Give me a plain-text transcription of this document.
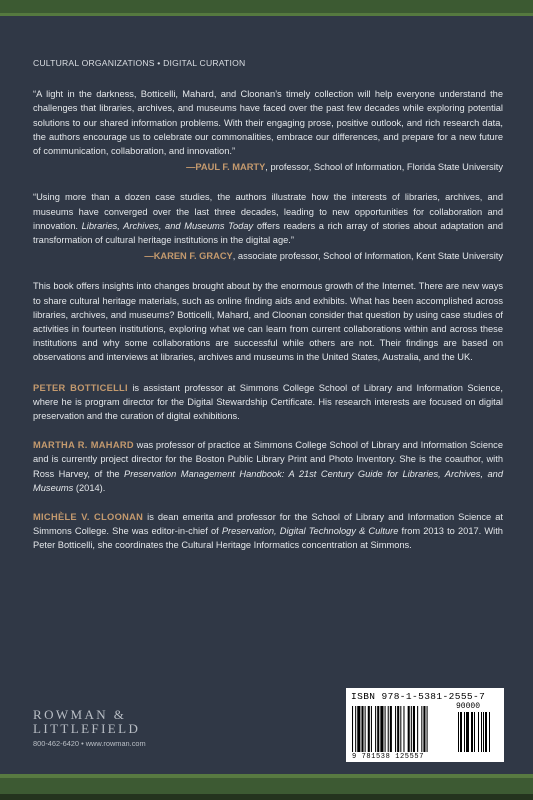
CULTURAL ORGANIZATIONS • DIGITAL CURATION

“A light in the darkness, Botticelli, Mahard, and Cloonan’s timely collection will help everyone understand the challenges that libraries, archives, and museums have faced over the past few decades while exploring potential solutions to our shared information problems. With their engaging prose, positive outlook, and rich research data, the authors encourage us to celebrate our commonalities, embrace our differences, and prepare for a new future of communication, collaboration, and innovation.”

—PAUL F. MARTY, professor, School of Information, Florida State University

“Using more than a dozen case studies, the authors illustrate how the interests of libraries, archives, and museums have converged over the last three decades, leading to new opportunities for collaboration and innovation. Libraries, Archives, and Museums Today offers readers a rich array of stories about adaptation and transformation of cultural heritage institutions in the digital age.”

—KAREN F. GRACY, associate professor, School of Information, Kent State University

This book offers insights into changes brought about by the enormous growth of the Internet. There are new ways to share cultural heritage materials, such as online finding aids and exhibits. What has been accomplished across libraries, archives, and museums? Botticelli, Mahard, and Cloonan consider that question by using case studies of activities in fourteen institutions, exploring what we can learn from current collaborations within and across these institutions and why some collaborations are successful while others are not. Their findings are based on observations and interviews at libraries, archives and museums in the United States, Australia, and the UK.

PETER BOTTICELLI is assistant professor at Simmons College School of Library and Information Science, where he is program director for the Digital Stewardship Certificate. His research interests are focused on digital preservation and the curation of digital exhibitions.

MARTHA R. MAHARD was professor of practice at Simmons College School of Library and Information Science and is currently project director for the Boston Public Library Print and Photo Inventory. She is the coauthor, with Ross Harvey, of the Preservation Management Handbook: A 21st Century Guide for Libraries, Archives, and Museums (2014).

MICHÈLE V. CLOONAN is dean emerita and professor for the School of Library and Information Science at Simmons College. She was editor-in-chief of Preservation, Digital Technology & Culture from 2013 to 2017. With Peter Botticelli, she coordinates the Cultural Heritage Informatics concentration at Simmons.

ROWMAN &
LITTLEFIELD
800-462-6420 • www.rowman.com
ISBN 978-1-5381-2555-7
90000
9 781538 125557
